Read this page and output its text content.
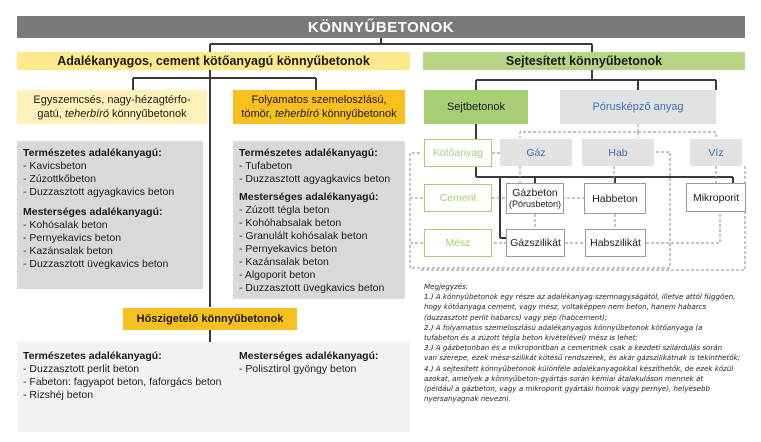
KÖNNYŰBETONOK
Adalékanyagos, cement kötőanyagú könnyűbetonok	Sejtesített könnyűbetonok
Egyszemcsés, nagy-hézagtérfo-
gatú, teherbíró könnyűbetonok
Folyamatos szemeloszlású,
tömör, teherbíró könnyűbetonok
Természetes adalékanyagú:
- Kavicsbeton
- Zúzottkőbeton
- Duzzasztott agyagkavics beton
Mesterséges adalékanyagú:
- Kohósalak beton
- Pernyekavics beton
- Kazánsalak beton
- Duzzasztott üvegkavics beton
Természetes adalékanyagú:
- Tufabeton
- Duzzasztott agyagkavics beton
Mesterséges adalékanyagú:
- Zúzott tégla beton
- Kohóhabsalak beton
- Granulált kohósalak beton
- Pernyekavics beton
- Kazánsalak beton
- Algoporit beton
- Duzzasztott üvegkavics beton
Hőszigetelő könnyűbetonok
Természetes adalékanyagú:
- Duzzasztott perlit beton
- Fabeton: fagyapot beton, faforgács beton
- Rizshéj beton
Mesterséges adalékanyagú:
- Polisztirol gyöngy beton
Sejtbetonok	Pórusképző anyag
Kötőanyag
Cement
Mész
Gáz	Hab	Víz
Gázbeton
(Pórusbeton)	Habbeton	Mikroporit
Gázszilikát	Habszilikát
Megjegyzés:
1.) A könnyűbetonok egy része az adalékanyag szemnagyságától, illetve attól függően,
hogy kötőanyaga cement, vagy mész, voltaképpen nem beton, hanem habarcs
(duzzasztott perlit habarcs) vagy pép (habcement);
2.) A folyamatos szemeloszlású adalékanyagos könnyűbetonok kötőanyaga (a
tufabeton és a zúzott tégla beton kivételével) mész is lehet;
3.) A gázbetonban és a mikroporitban a cementnek csak a kezdeti szilárdulás során
van szerepe, ezek mész-szilikát kötésű rendszerek, és akár gázszilikátnak is tekinthetők;
4.) A sejtesített könnyűbetonok különféle adalékanyagokkal készíthetők, de ezek közül
azokat, amelyek a könnyűbeton-gyártás során kémiai átalakuláson mennek át
(például a gázbeton, vagy a mikroporit gyártási homok vagy pernye), helyesebb
nyersanyagnak nevezni.
